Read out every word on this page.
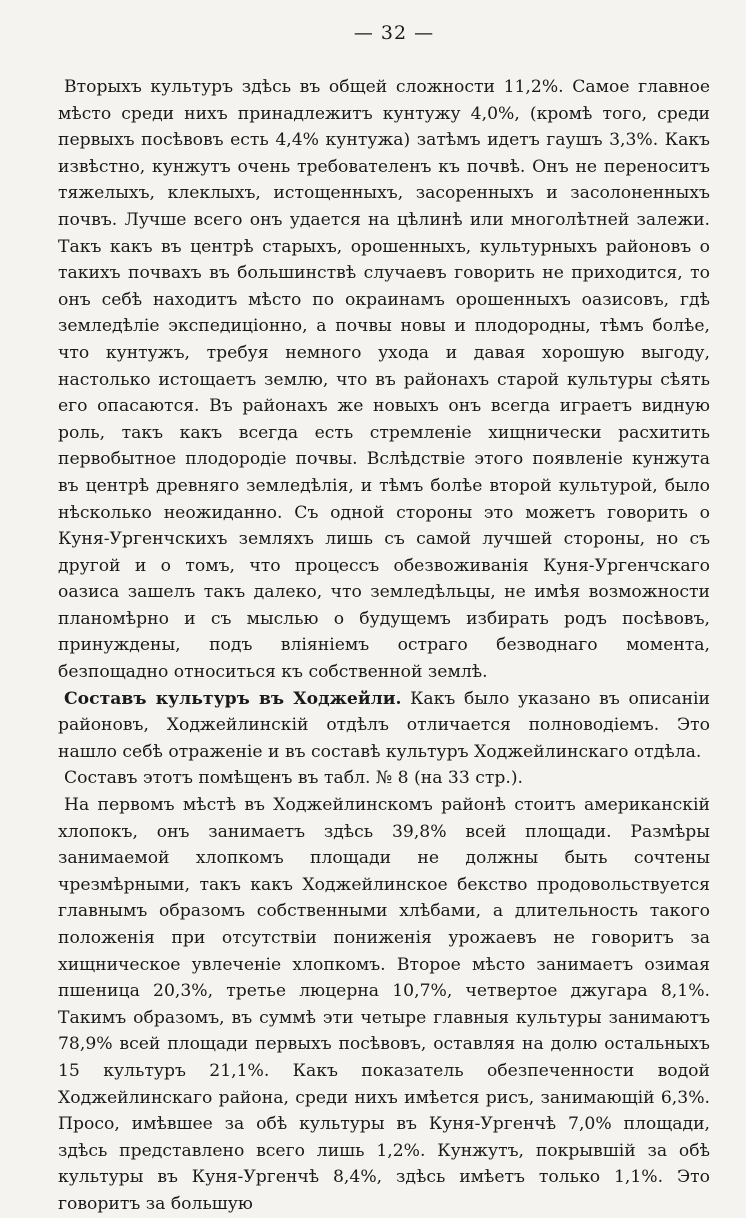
— 32 —

Вторыхъ культуръ здѣсь въ общей сложности 11,2%. Самое главное мѣсто среди нихъ принадлежитъ кунтужу 4,0%, (кромѣ того, среди первыхъ посѣвовъ есть 4,4% кунтужа) затѣмъ идетъ гаушъ 3,3%. Какъ извѣстно, кунжутъ очень требователенъ къ почвѣ. Онъ не переноситъ тяжелыхъ, клеклыхъ, истощенныхъ, засоренныхъ и засолоненныхъ почвъ. Лучше всего онъ удается на цѣлинѣ или многолѣтней залежи. Такъ какъ въ центрѣ старыхъ, орошенныхъ, культурныхъ районовъ о такихъ почвахъ въ большинствѣ случаевъ говорить не приходится, то онъ себѣ находитъ мѣсто по окраинамъ орошенныхъ оазисовъ, гдѣ земледѣліе экспедиціонно, а почвы новы и плодородны, тѣмъ болѣе, что кунтужъ, требуя немного ухода и давая хорошую выгоду, настолько истощаетъ землю, что въ районахъ старой культуры сѣять его опасаются. Въ районахъ же новыхъ онъ всегда играетъ видную роль, такъ какъ всегда есть стремленіе хищнически расхитить первобытное плодородіе почвы. Вслѣдствіе этого появленіе кунжута въ центрѣ древняго земледѣлія, и тѣмъ болѣе второй культурой, было нѣсколько неожиданно. Съ одной стороны это можетъ говорить о Куня-Ургенчскихъ земляхъ лишь съ самой лучшей стороны, но съ другой и о томъ, что процессъ обезвоживанія Куня-Ургенчскаго оазиса зашелъ такъ далеко, что земледѣльцы, не имѣя возможности планомѣрно и съ мыслью о будущемъ избирать родъ посѣвовъ, принуждены, подъ вліяніемъ остраго безводнаго момента, безпощадно относиться къ собственной землѣ.

Составъ культуръ въ Ходжейли. Какъ было указано въ описаніи районовъ, Ходжейлинскій отдѣлъ отличается полноводіемъ. Это нашло себѣ отраженіе и въ составѣ культуръ Ходжейлинскаго отдѣла.

Составъ этотъ помѣщенъ въ табл. № 8 (на 33 стр.).

На первомъ мѣстѣ въ Ходжейлинскомъ районѣ стоитъ американскій хлопокъ, онъ занимаетъ здѣсь 39,8% всей площади. Размѣры занимаемой хлопкомъ площади не должны быть сочтены чрезмѣрными, такъ какъ Ходжейлинское бекство продовольствуется главнымъ образомъ собственными хлѣбами, а длительность такого положенія при отсутствіи пониженія урожаевъ не говоритъ за хищническое увлеченіе хлопкомъ. Второе мѣсто занимаетъ озимая пшеница 20,3%, третье люцерна 10,7%, четвертое джугара 8,1%. Такимъ образомъ, въ суммѣ эти четыре главныя культуры занимаютъ 78,9% всей площади первыхъ посѣвовъ, оставляя на долю остальныхъ 15 культуръ 21,1%. Какъ показатель обезпеченности водой Ходжейлинскаго района, среди нихъ имѣется рисъ, занимающій 6,3%. Просо, имѣвшее за обѣ культуры въ Куня-Ургенчѣ 7,0% площади, здѣсь представлено всего лишь 1,2%. Кунжутъ, покрывшій за обѣ культуры въ Куня-Ургенчѣ 8,4%, здѣсь имѣетъ только 1,1%. Это говоритъ за большую
